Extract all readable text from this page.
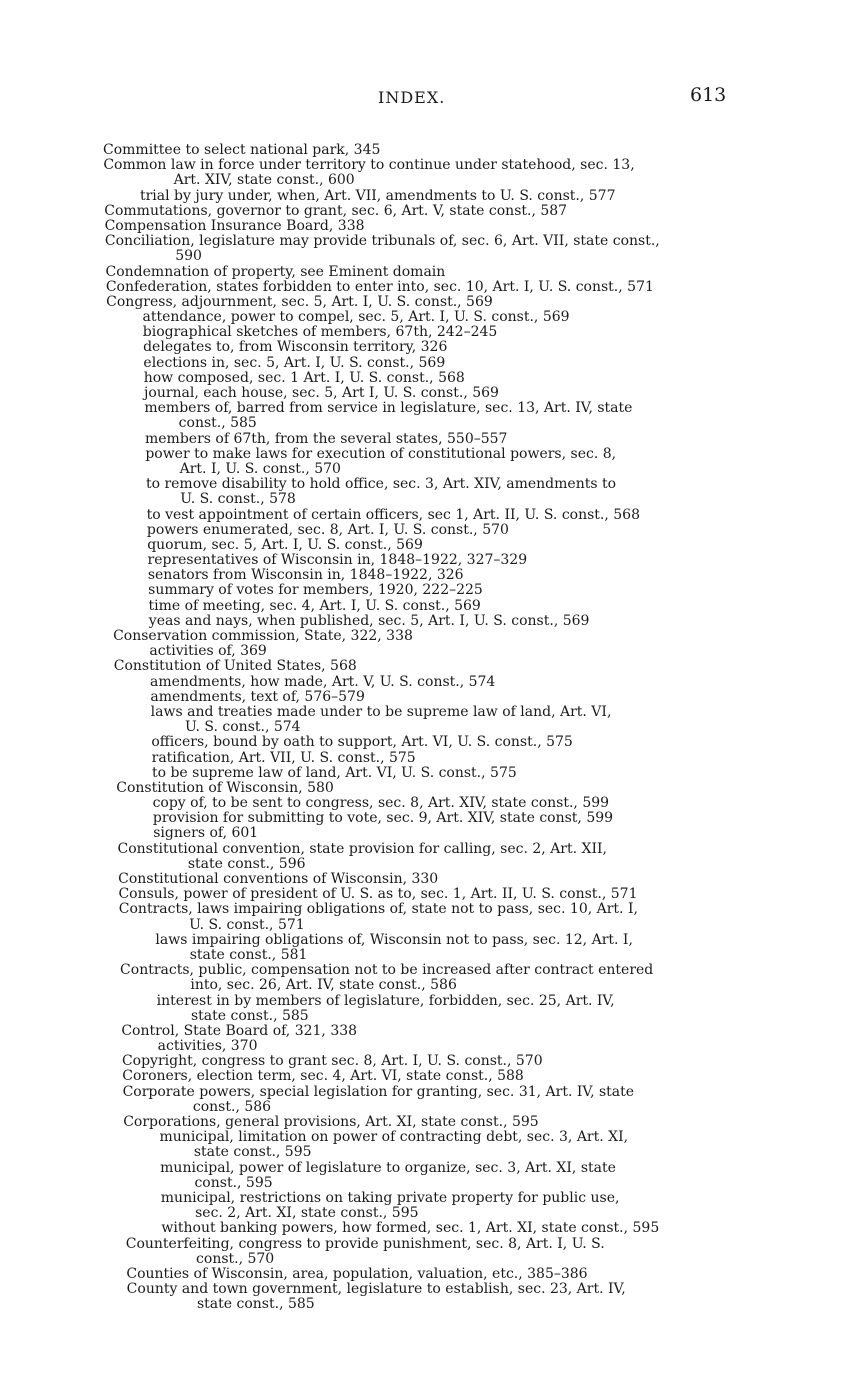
INDEX.	613
Committee to select national park, 345
Common law in force under territory to continue under statehood, sec. 13,
Art. XIV, state const., 600
trial by jury under, when, Art. VII, amendments to U. S. const., 577
Commutations, governor to grant, sec. 6, Art. V, state const., 587
Compensation Insurance Board, 338
Conciliation, legislature may provide tribunals of, sec. 6, Art. VII, state const.,
590
Condemnation of property, see Eminent domain
Confederation, states forbidden to enter into, sec. 10, Art. I, U. S. const., 571
Congress, adjournment, sec. 5, Art. I, U. S. const., 569
attendance, power to compel, sec. 5, Art. I, U. S. const., 569
biographical sketches of members, 67th, 242–245
delegates to, from Wisconsin territory, 326
elections in, sec. 5, Art. I, U. S. const., 569
how composed, sec. 1 Art. I, U. S. const., 568
journal, each house, sec. 5, Art I, U. S. const., 569
members of, barred from service in legislature, sec. 13, Art. IV, state
const., 585
members of 67th, from the several states, 550–557
power to make laws for execution of constitutional powers, sec. 8,
Art. I, U. S. const., 570
to remove disability to hold office, sec. 3, Art. XIV, amendments to
U. S. const., 578
to vest appointment of certain officers, sec 1, Art. II, U. S. const., 568
powers enumerated, sec. 8, Art. I, U. S. const., 570
quorum, sec. 5, Art. I, U. S. const., 569
representatives of Wisconsin in, 1848–1922, 327–329
senators from Wisconsin in, 1848–1922, 326
summary of votes for members, 1920, 222–225
time of meeting, sec. 4, Art. I, U. S. const., 569
yeas and nays, when published, sec. 5, Art. I, U. S. const., 569
Conservation commission, State, 322, 338
activities of, 369
Constitution of United States, 568
amendments, how made, Art. V, U. S. const., 574
amendments, text of, 576–579
laws and treaties made under to be supreme law of land, Art. VI,
U. S. const., 574
officers, bound by oath to support, Art. VI, U. S. const., 575
ratification, Art. VII, U. S. const., 575
to be supreme law of land, Art. VI, U. S. const., 575
Constitution of Wisconsin, 580
copy of, to be sent to congress, sec. 8, Art. XIV, state const., 599
provision for submitting to vote, sec. 9, Art. XIV, state const, 599
signers of, 601
Constitutional convention, state provision for calling, sec. 2, Art. XII,
state const., 596
Constitutional conventions of Wisconsin, 330
Consuls, power of president of U. S. as to, sec. 1, Art. II, U. S. const., 571
Contracts, laws impairing obligations of, state not to pass, sec. 10, Art. I,
U. S. const., 571
laws impairing obligations of, Wisconsin not to pass, sec. 12, Art. I,
state const., 581
Contracts, public, compensation not to be increased after contract entered
into, sec. 26, Art. IV, state const., 586
interest in by members of legislature, forbidden, sec. 25, Art. IV,
state const., 585
Control, State Board of, 321, 338
activities, 370
Copyright, congress to grant sec. 8, Art. I, U. S. const., 570
Coroners, election term, sec. 4, Art. VI, state const., 588
Corporate powers, special legislation for granting, sec. 31, Art. IV, state
const., 586
Corporations, general provisions, Art. XI, state const., 595
municipal, limitation on power of contracting debt, sec. 3, Art. XI,
state const., 595
municipal, power of legislature to organize, sec. 3, Art. XI, state
const., 595
municipal, restrictions on taking private property for public use,
sec. 2, Art. XI, state const., 595
without banking powers, how formed, sec. 1, Art. XI, state const., 595
Counterfeiting, congress to provide punishment, sec. 8, Art. I, U. S.
const., 570
Counties of Wisconsin, area, population, valuation, etc., 385–386
County and town government, legislature to establish, sec. 23, Art. IV,
state const., 585
